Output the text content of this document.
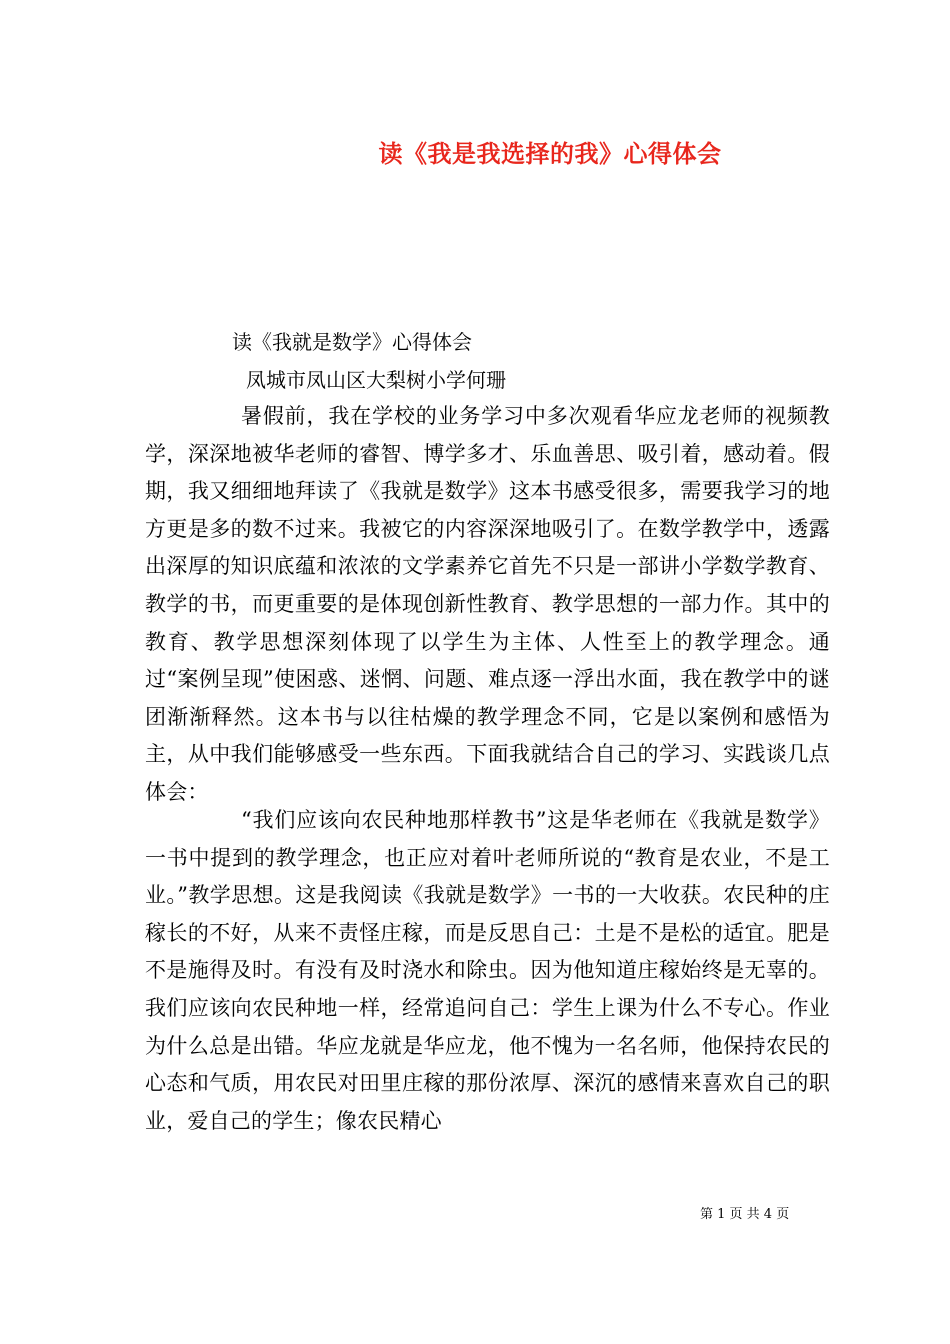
读《我是我选择的我》心得体会
读《我就是数学》心得体会
凤城市凤山区大梨树小学何珊

暑假前，我在学校的业务学习中多次观看华应龙老师的视频教学，深深地被华老师的睿智、博学多才、乐血善思、吸引着，感动着。假期，我又细细地拜读了《我就是数学》这本书感受很多，需要我学习的地方更是多的数不过来。我被它的内容深深地吸引了。在数学教学中，透露出深厚的知识底蕴和浓浓的文学素养它首先不只是一部讲小学数学教育、教学的书，而更重要的是体现创新性教育、教学思想的一部力作。其中的教育、教学思想深刻体现了以学生为主体、人性至上的教学理念。通过“案例呈现”使困惑、迷惘、问题、难点逐一浮出水面，我在教学中的谜团渐渐释然。这本书与以往枯燥的教学理念不同，它是以案例和感悟为主，从中我们能够感受一些东西。下面我就结合自己的学习、实践谈几点体会：

“我们应该向农民种地那样教书”这是华老师在《我就是数学》一书中提到的教学理念，也正应对着叶老师所说的“教育是农业，不是工业。”教学思想。这是我阅读《我就是数学》一书的一大收获。农民种的庄稼长的不好，从来不责怪庄稼，而是反思自己：土是不是松的适宜。肥是不是施得及时。有没有及时浇水和除虫。因为他知道庄稼始终是无辜的。我们应该向农民种地一样，经常追问自己：学生上课为什么不专心。作业为什么总是出错。华应龙就是华应龙，他不愧为一名名师，他保持农民的心态和气质，用农民对田里庄稼的那份浓厚、深沉的感情来喜欢自己的职业，爱自己的学生；像农民精心

第 1 页 共 4 页
